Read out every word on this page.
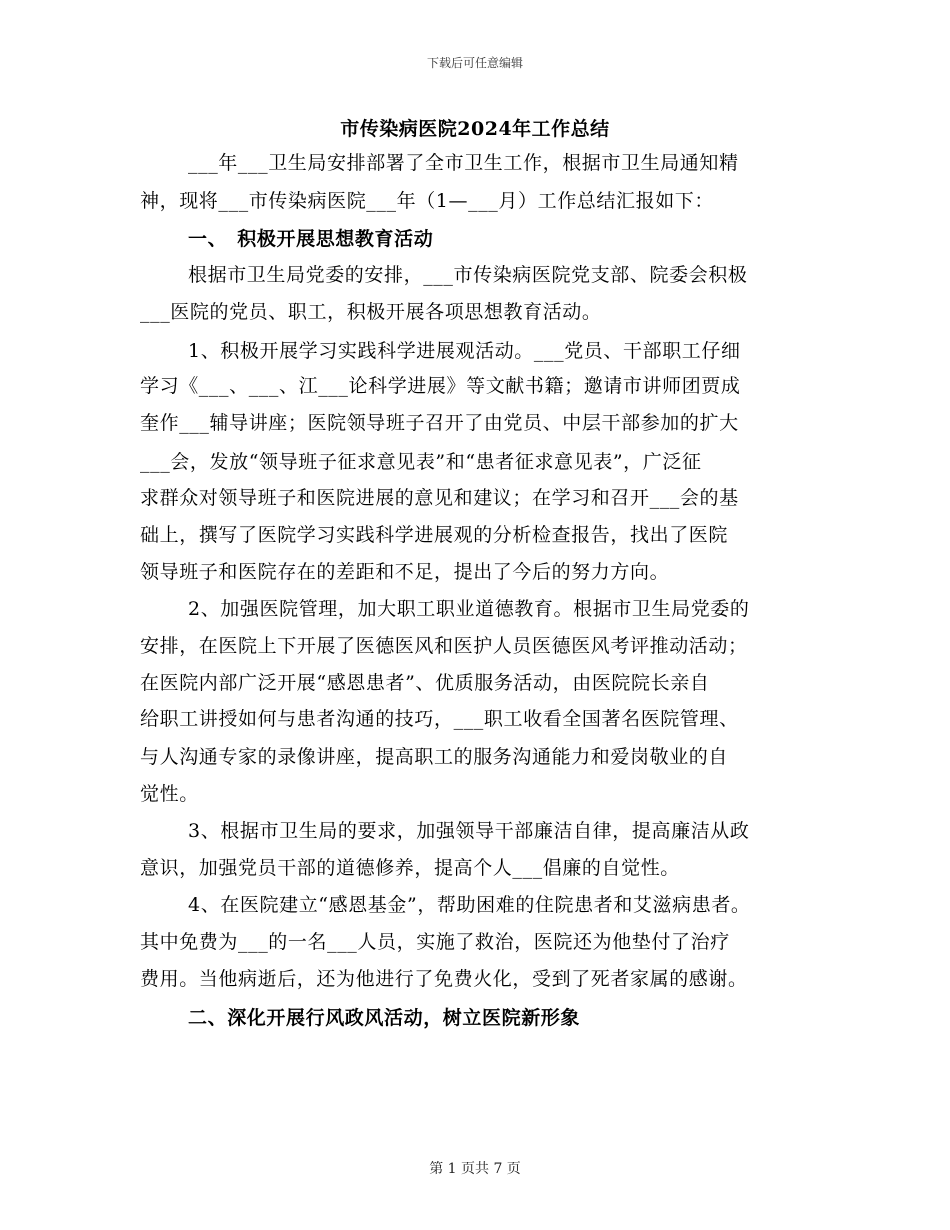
下载后可任意编辑
市传染病医院2024年工作总结
___年___卫生局安排部署了全市卫生工作，根据市卫生局通知精
神，现将___市传染病医院___年（1—___月）工作总结汇报如下：
一、　积极开展思想教育活动
根据市卫生局党委的安排，___市传染病医院党支部、院委会积极
___医院的党员、职工，积极开展各项思想教育活动。
1、积极开展学习实践科学进展观活动。___党员、干部职工仔细
学习《___、___、江___论科学进展》等文献书籍；邀请市讲师团贾成
奎作___辅导讲座；医院领导班子召开了由党员、中层干部参加的扩大
___会，发放“领导班子征求意见表”和“患者征求意见表”，广泛征
求群众对领导班子和医院进展的意见和建议；在学习和召开___会的基
础上，撰写了医院学习实践科学进展观的分析检查报告，找出了医院
领导班子和医院存在的差距和不足，提出了今后的努力方向。
2、加强医院管理，加大职工职业道德教育。根据市卫生局党委的
安排，在医院上下开展了医德医风和医护人员医德医风考评推动活动；
在医院内部广泛开展“感恩患者”、优质服务活动，由医院院长亲自
给职工讲授如何与患者沟通的技巧，___职工收看全国著名医院管理、
与人沟通专家的录像讲座，提高职工的服务沟通能力和爱岗敬业的自
觉性。
3、根据市卫生局的要求，加强领导干部廉洁自律，提高廉洁从政
意识，加强党员干部的道德修养，提高个人___倡廉的自觉性。
4、在医院建立“感恩基金”，帮助困难的住院患者和艾滋病患者。
其中免费为___的一名___人员，实施了救治，医院还为他垫付了治疗
费用。当他病逝后，还为他进行了免费火化，受到了死者家属的感谢。
二、深化开展行风政风活动，树立医院新形象
第 1 页共 7 页
